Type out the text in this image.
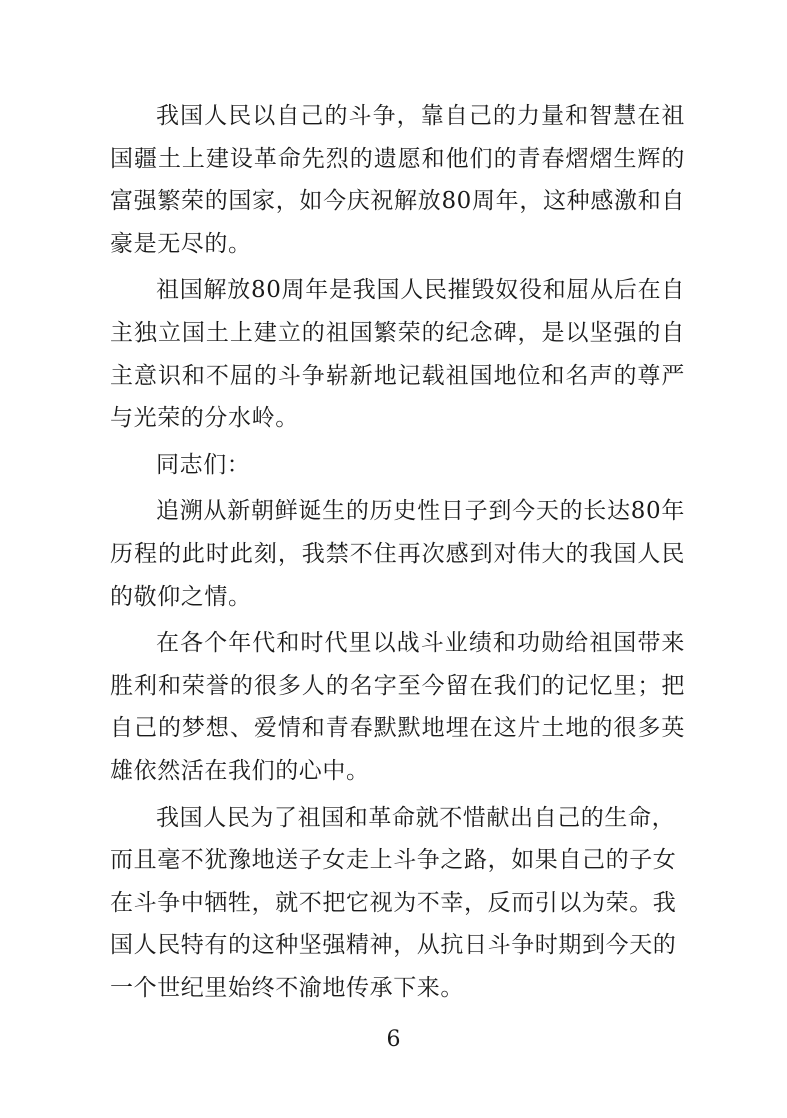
我国人民以自己的斗争，靠自己的力量和智慧在祖国疆土上建设革命先烈的遗愿和他们的青春熠熠生辉的富强繁荣的国家，如今庆祝解放80周年，这种感激和自豪是无尽的。

祖国解放80周年是我国人民摧毁奴役和屈从后在自主独立国土上建立的祖国繁荣的纪念碑，是以坚强的自主意识和不屈的斗争崭新地记载祖国地位和名声的尊严与光荣的分水岭。

同志们：

追溯从新朝鲜诞生的历史性日子到今天的长达80年历程的此时此刻，我禁不住再次感到对伟大的我国人民的敬仰之情。

在各个年代和时代里以战斗业绩和功勋给祖国带来胜利和荣誉的很多人的名字至今留在我们的记忆里；把自己的梦想、爱情和青春默默地埋在这片土地的很多英雄依然活在我们的心中。

我国人民为了祖国和革命就不惜献出自己的生命，而且毫不犹豫地送子女走上斗争之路，如果自己的子女在斗争中牺牲，就不把它视为不幸，反而引以为荣。我国人民特有的这种坚强精神，从抗日斗争时期到今天的一个世纪里始终不渝地传承下来。

6
